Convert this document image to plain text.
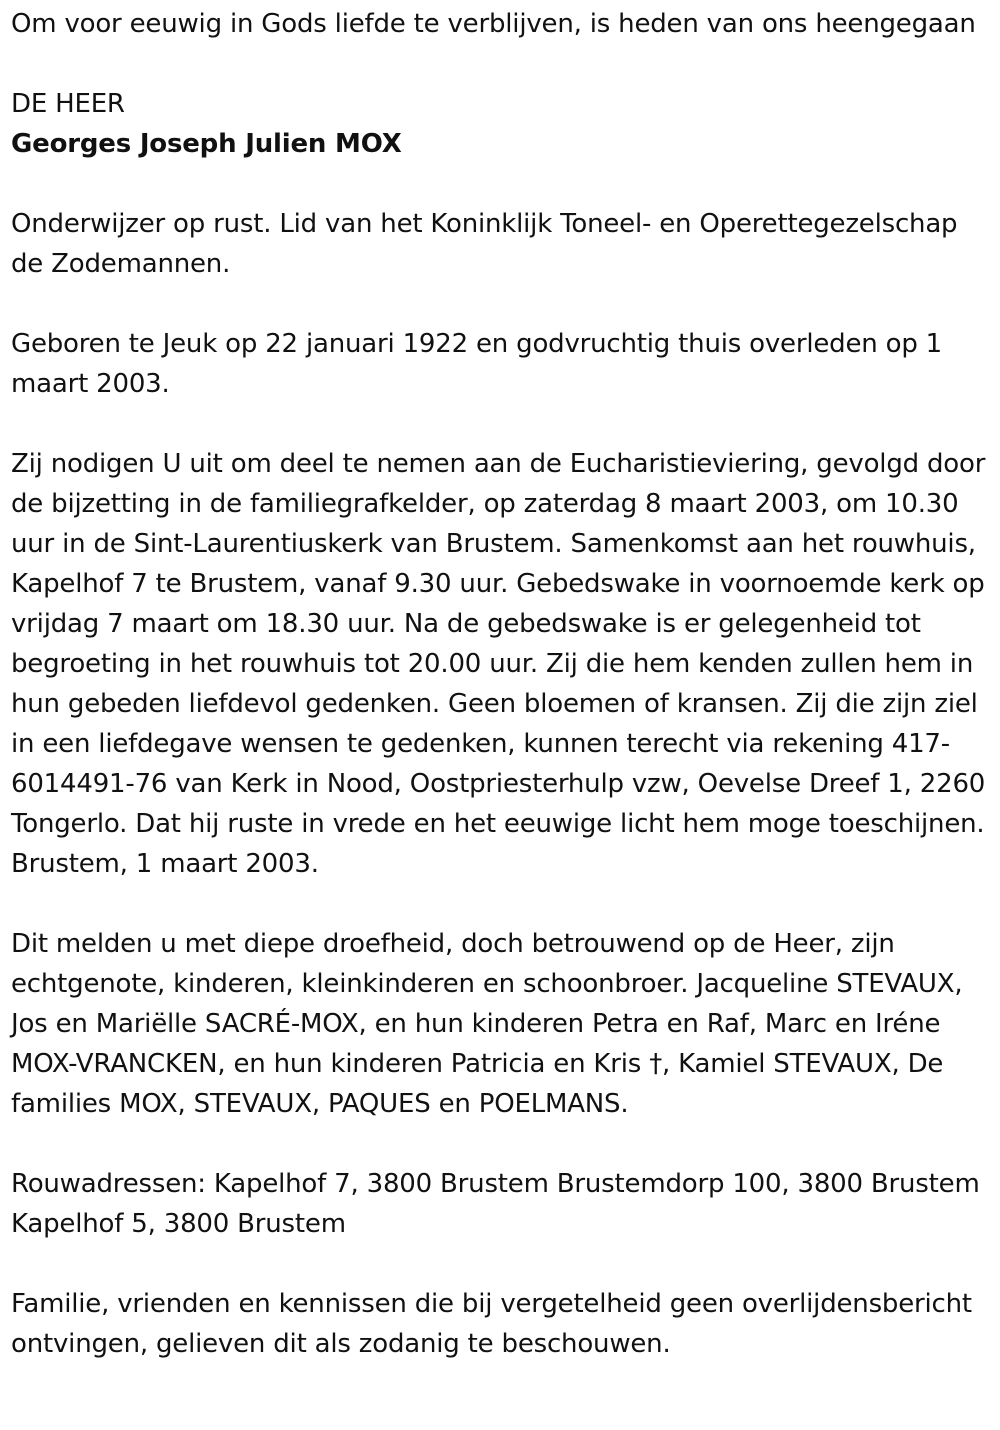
Om voor eeuwig in Gods liefde te verblijven, is heden van ons heengegaan

DE HEER

Georges Joseph Julien MOX

Onderwijzer op rust. Lid van het Koninklijk Toneel- en Operettegezelschap de Zodemannen.

Geboren te Jeuk op 22 januari 1922 en godvruchtig thuis overleden op 1 maart 2003.

Zij nodigen U uit om deel te nemen aan de Eucharistieviering, gevolgd door de bijzetting in de familiegrafkelder, op zaterdag 8 maart 2003, om 10.30 uur in de Sint-Laurentiuskerk van Brustem. Samenkomst aan het rouwhuis, Kapelhof 7 te Brustem, vanaf 9.30 uur. Gebedswake in voornoemde kerk op vrijdag 7 maart om 18.30 uur. Na de gebedswake is er gelegenheid tot begroeting in het rouwhuis tot 20.00 uur. Zij die hem kenden zullen hem in hun gebeden liefdevol gedenken. Geen bloemen of kransen. Zij die zijn ziel in een liefdegave wensen te gedenken, kunnen terecht via rekening 417-6014491-76 van Kerk in Nood, Oostpriesterhulp vzw, Oevelse Dreef 1, 2260 Tongerlo. Dat hij ruste in vrede en het eeuwige licht hem moge toeschijnen. Brustem, 1 maart 2003.

Dit melden u met diepe droefheid, doch betrouwend op de Heer, zijn echtgenote, kinderen, kleinkinderen en schoonbroer. Jacqueline STEVAUX, Jos en Mariëlle SACRÉ-MOX, en hun kinderen Petra en Raf, Marc en Iréne MOX-VRANCKEN, en hun kinderen Patricia en Kris †, Kamiel STEVAUX, De families MOX, STEVAUX, PAQUES en POELMANS.

Rouwadressen: Kapelhof 7, 3800 Brustem Brustemdorp 100, 3800 Brustem Kapelhof 5, 3800 Brustem

Familie, vrienden en kennissen die bij vergetelheid geen overlijdensbericht ontvingen, gelieven dit als zodanig te beschouwen.
